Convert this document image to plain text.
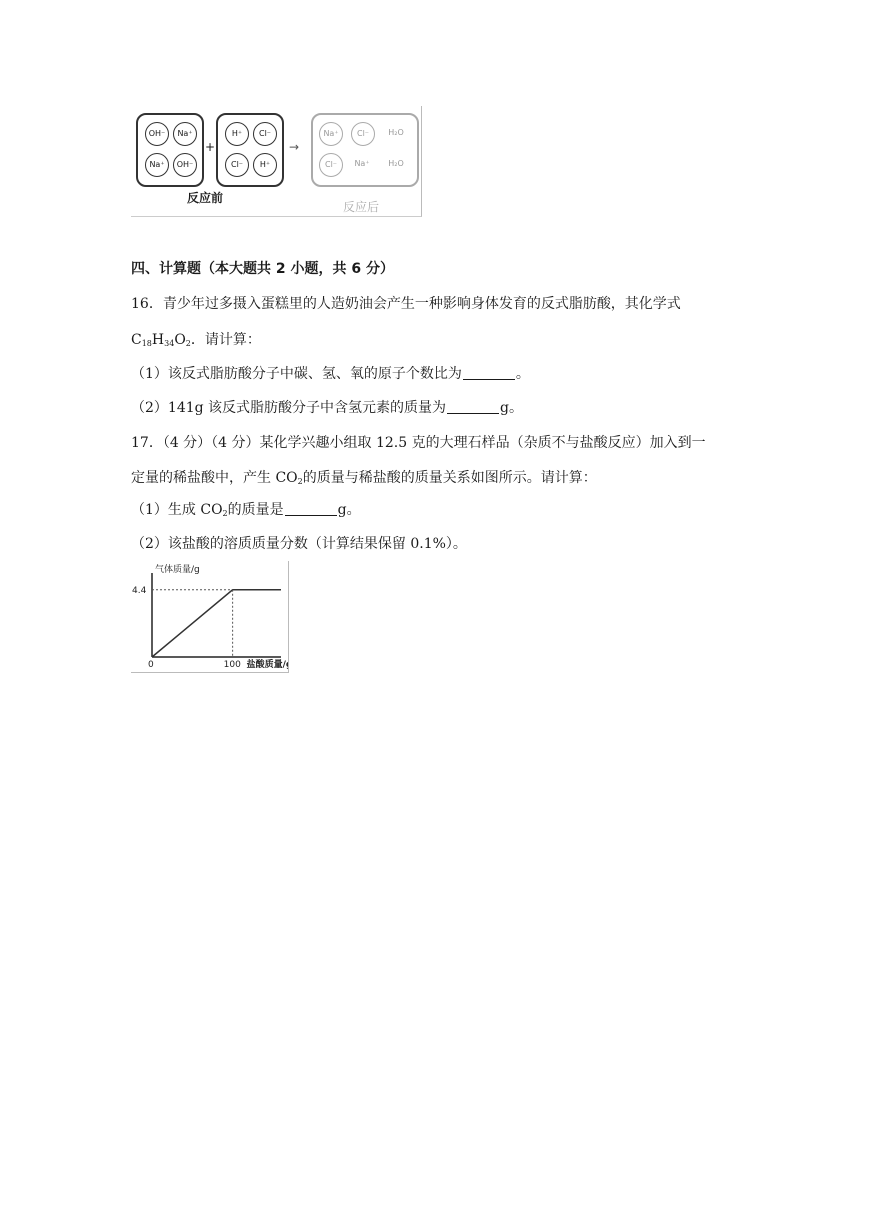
OH⁻	Na⁺
Na⁺	OH⁻
+
H⁺	Cl⁻
Cl⁻	H⁺
→
Na⁺	Cl⁻	H₂O
Cl⁻	Na⁺	H₂O
反应前
反应后
四、计算题（本大题共 2 小题，共 6 分）
16．青少年过多摄入蛋糕里的人造奶油会产生一种影响身体发育的反式脂肪酸，其化学式
$C_{18}H_{34}O_2$．请计算：
（1）该反式脂肪酸分子中碳、氢、氧的原子个数比为	。
（2）141g 该反式脂肪酸分子中含氢元素的质量为	g。
17．（4 分）（4 分）某化学兴趣小组取 12.5 克的大理石样品（杂质不与盐酸反应）加入到一
定量的稀盐酸中，产生 $CO_2$的质量与稀盐酸的质量关系如图所示。请计算：
（1）生成 $CO_2$的质量是	g。
（2）该盐酸的溶质质量分数（计算结果保留 0.1%）。
气体质量/g
4.4
0	100 盐酸质量/g
